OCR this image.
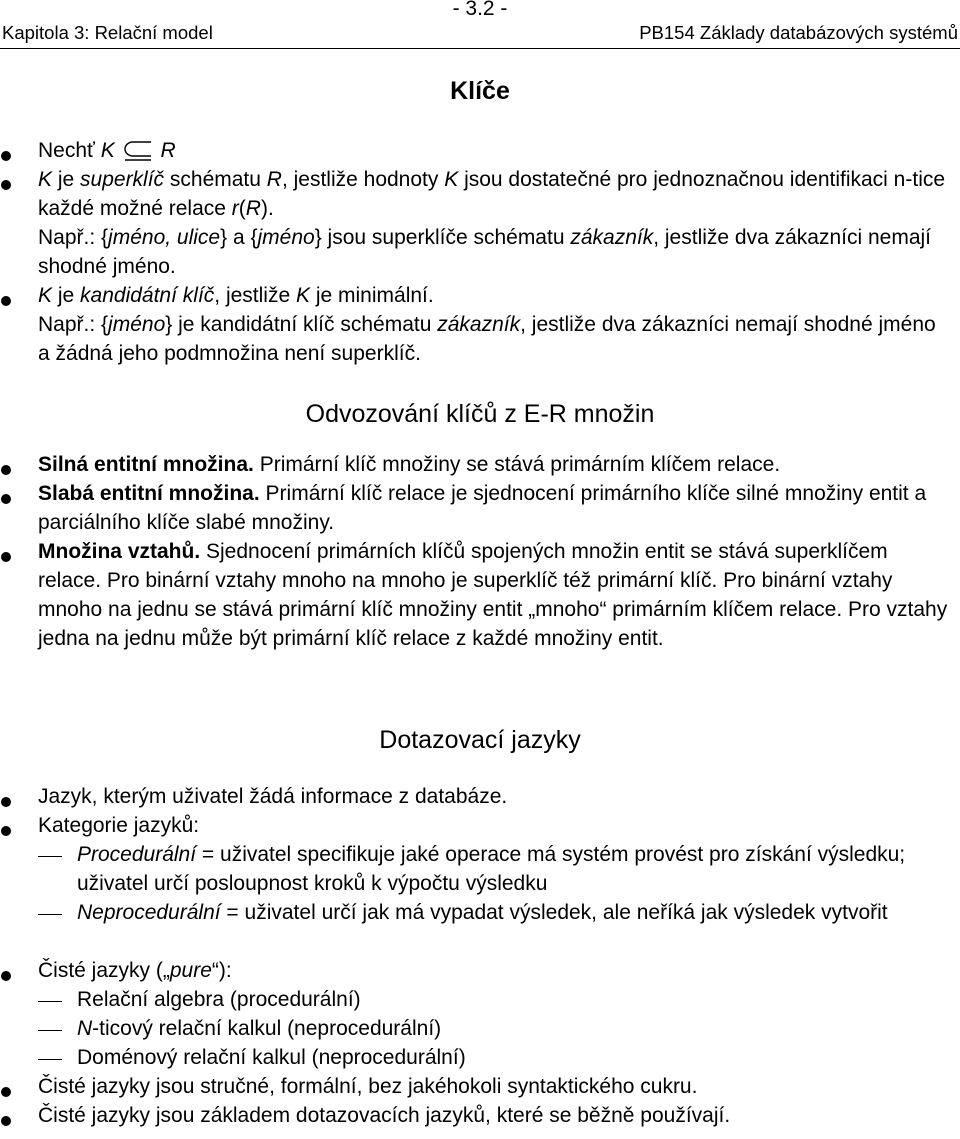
- 3.2 -
Kapitola 3: Relační model	PB154 Základy databázových systémů
Klíče
Nechť K R
K je superklíč schématu R, jestliže hodnoty K jsou dostatečné pro jednoznačnou identifikaci n-tice každé možné relace r(R).
Např.: {jméno, ulice} a {jméno} jsou superklíče schématu zákazník, jestliže dva zákazníci nemají shodné jméno.
K je kandidátní klíč, jestliže K je minimální.
Např.: {jméno} je kandidátní klíč schématu zákazník, jestliže dva zákazníci nemají shodné jméno a žádná jeho podmnožina není superklíč.
Odvozování klíčů z E-R množin
Silná entitní množina. Primární klíč množiny se stává primárním klíčem relace.
Slabá entitní množina. Primární klíč relace je sjednocení primárního klíče silné množiny entit a parciálního klíče slabé množiny.
Množina vztahů. Sjednocení primárních klíčů spojených množin entit se stává superklíčem relace. Pro binární vztahy mnoho na mnoho je superklíč též primární klíč. Pro binární vztahy mnoho na jednu se stává primární klíč množiny entit „mnoho“ primárním klíčem relace. Pro vztahy jedna na jednu může být primární klíč relace z každé množiny entit.
Dotazovací jazyky
Jazyk, kterým uživatel žádá informace z databáze.
Kategorie jazyků:
Procedurální = uživatel specifikuje jaké operace má systém provést pro získání výsledku; uživatel určí posloupnost kroků k výpočtu výsledku
Neprocedurální = uživatel určí jak má vypadat výsledek, ale neříká jak výsledek vytvořit
Čisté jazyky („pure“):
Relační algebra (procedurální)
N-ticový relační kalkul (neprocedurální)
Doménový relační kalkul (neprocedurální)
Čisté jazyky jsou stručné, formální, bez jakéhokoli syntaktického cukru.
Čisté jazyky jsou základem dotazovacích jazyků, které se běžně používají.
